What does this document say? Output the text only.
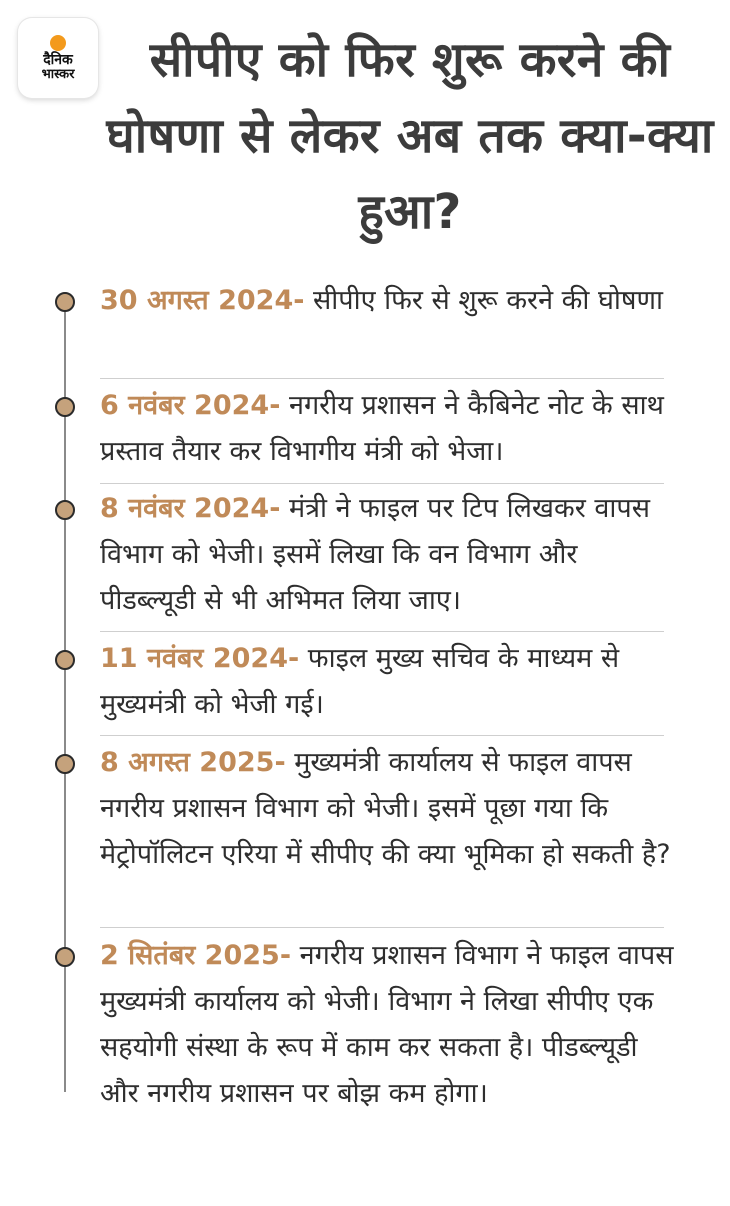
दैनिक
भास्कर	सीपीए को फिर शुरू करने की घोषणा से लेकर अब तक क्या-क्या हुआ?

30 अगस्त 2024- सीपीए फिर से शुरू करने की घोषणा

6 नवंबर 2024- नगरीय प्रशासन ने कैबिनेट नोट के साथ प्रस्ताव तैयार कर विभागीय मंत्री को भेजा।

8 नवंबर 2024- मंत्री ने फाइल पर टिप लिखकर वापस विभाग को भेजी। इसमें लिखा कि वन विभाग और पीडब्ल्यूडी से भी अभिमत लिया जाए।

11 नवंबर 2024- फाइल मुख्य सचिव के माध्यम से मुख्यमंत्री को भेजी गई।

8 अगस्त 2025- मुख्यमंत्री कार्यालय से फाइल वापस नगरीय प्रशासन विभाग को भेजी। इसमें पूछा गया कि मेट्रोपॉलिटन एरिया में सीपीए की क्या भूमिका हो सकती है?

2 सितंबर 2025- नगरीय प्रशासन विभाग ने फाइल वापस मुख्यमंत्री कार्यालय को भेजी। विभाग ने लिखा सीपीए एक सहयोगी संस्था के रूप में काम कर सकता है। पीडब्ल्यूडी और नगरीय प्रशासन पर बोझ कम होगा।
